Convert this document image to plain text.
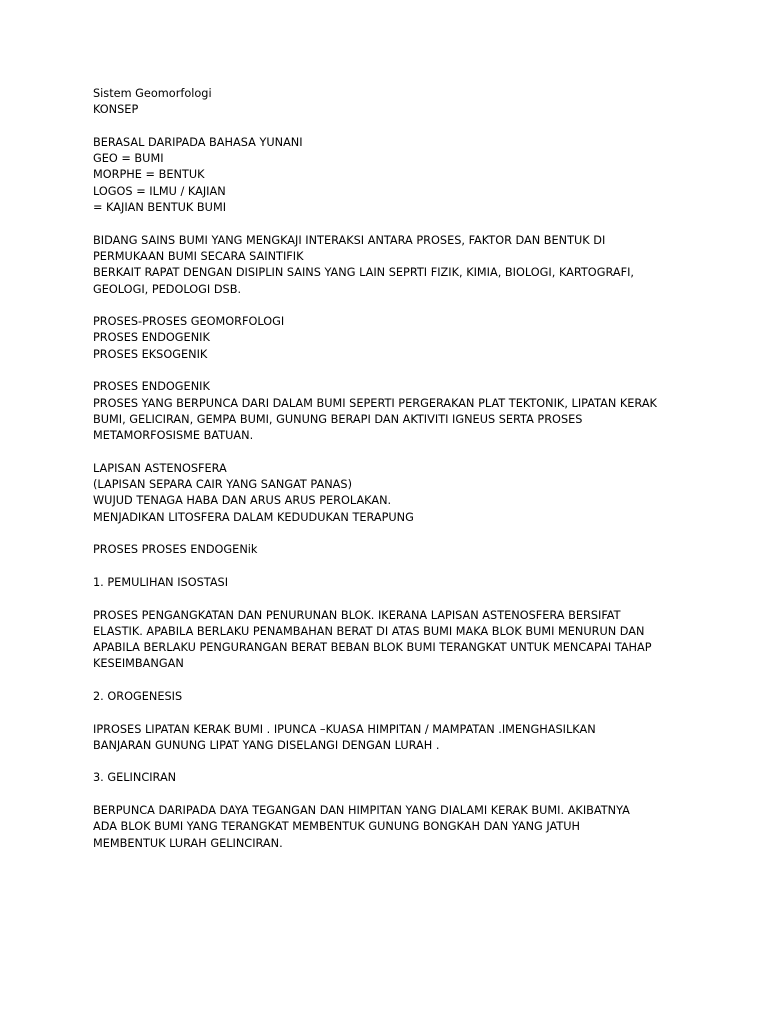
Sistem Geomorfologi
KONSEP
BERASAL DARIPADA BAHASA YUNANI
GEO = BUMI
MORPHE = BENTUK
LOGOS = ILMU / KAJIAN
= KAJIAN BENTUK BUMI
BIDANG SAINS BUMI YANG MENGKAJI INTERAKSI ANTARA PROSES, FAKTOR DAN BENTUK DI
PERMUKAAN BUMI SECARA SAINTIFIK
BERKAIT RAPAT DENGAN DISIPLIN SAINS YANG LAIN SEPRTI FIZIK, KIMIA, BIOLOGI, KARTOGRAFI,
GEOLOGI, PEDOLOGI DSB.
PROSES-PROSES GEOMORFOLOGI
PROSES ENDOGENIK
PROSES EKSOGENIK
PROSES ENDOGENIK
PROSES YANG BERPUNCA DARI DALAM BUMI SEPERTI PERGERAKAN PLAT TEKTONIK, LIPATAN KERAK
BUMI, GELICIRAN, GEMPA BUMI, GUNUNG BERAPI DAN AKTIVITI IGNEUS SERTA PROSES
METAMORFOSISME BATUAN.
LAPISAN ASTENOSFERA
(LAPISAN SEPARA CAIR YANG SANGAT PANAS)
WUJUD TENAGA HABA DAN ARUS ARUS PEROLAKAN.
MENJADIKAN LITOSFERA DALAM KEDUDUKAN TERAPUNG
PROSES PROSES ENDOGENik
1. PEMULIHAN ISOSTASI
PROSES PENGANGKATAN DAN PENURUNAN BLOK. IKERANA LAPISAN ASTENOSFERA BERSIFAT
ELASTIK. APABILA BERLAKU PENAMBAHAN BERAT DI ATAS BUMI MAKA BLOK BUMI MENURUN DAN
APABILA BERLAKU PENGURANGAN BERAT BEBAN BLOK BUMI TERANGKAT UNTUK MENCAPAI TAHAP
KESEIMBANGAN
2. OROGENESIS
IPROSES LIPATAN KERAK BUMI . IPUNCA –KUASA HIMPITAN / MAMPATAN .IMENGHASILKAN
BANJARAN GUNUNG LIPAT YANG DISELANGI DENGAN LURAH .
3. GELINCIRAN
BERPUNCA DARIPADA DAYA TEGANGAN DAN HIMPITAN YANG DIALAMI KERAK BUMI. AKIBATNYA
ADA BLOK BUMI YANG TERANGKAT MEMBENTUK GUNUNG BONGKAH DAN YANG JATUH
MEMBENTUK LURAH GELINCIRAN.
